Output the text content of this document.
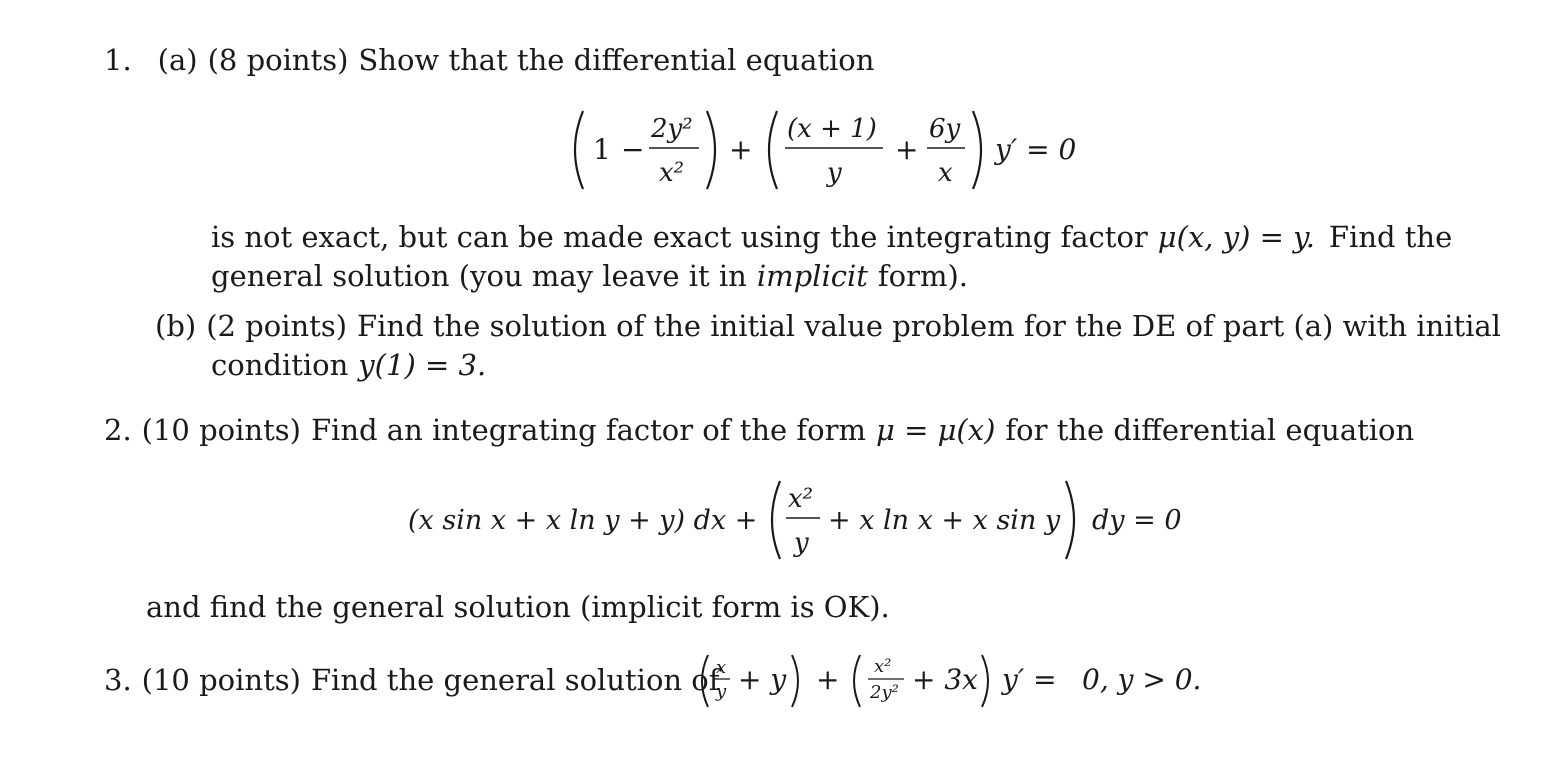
1. (a) (8 points) Show that the differential equation
1 −
2y²
x²
+
(x + 1)
y
+
6y
x
y′ = 0
is not exact, but can be made exact using the integrating factor μ(x, y) = y. Find the
general solution (you may leave it in implicit form).
(b) (2 points) Find the solution of the initial value problem for the DE of part (a) with initial
condition y(1) = 3.
2. (10 points) Find an integrating factor of the form μ = μ(x) for the differential equation
(x sin x + x ln y + y) dx +
x²
y
+ x ln x + x sin y dy = 0
and find the general solution (implicit form is OK).
3. (10 points) Find the general solution of
x
y + y + x²
2y² + 3x y′ = 0, y > 0.
